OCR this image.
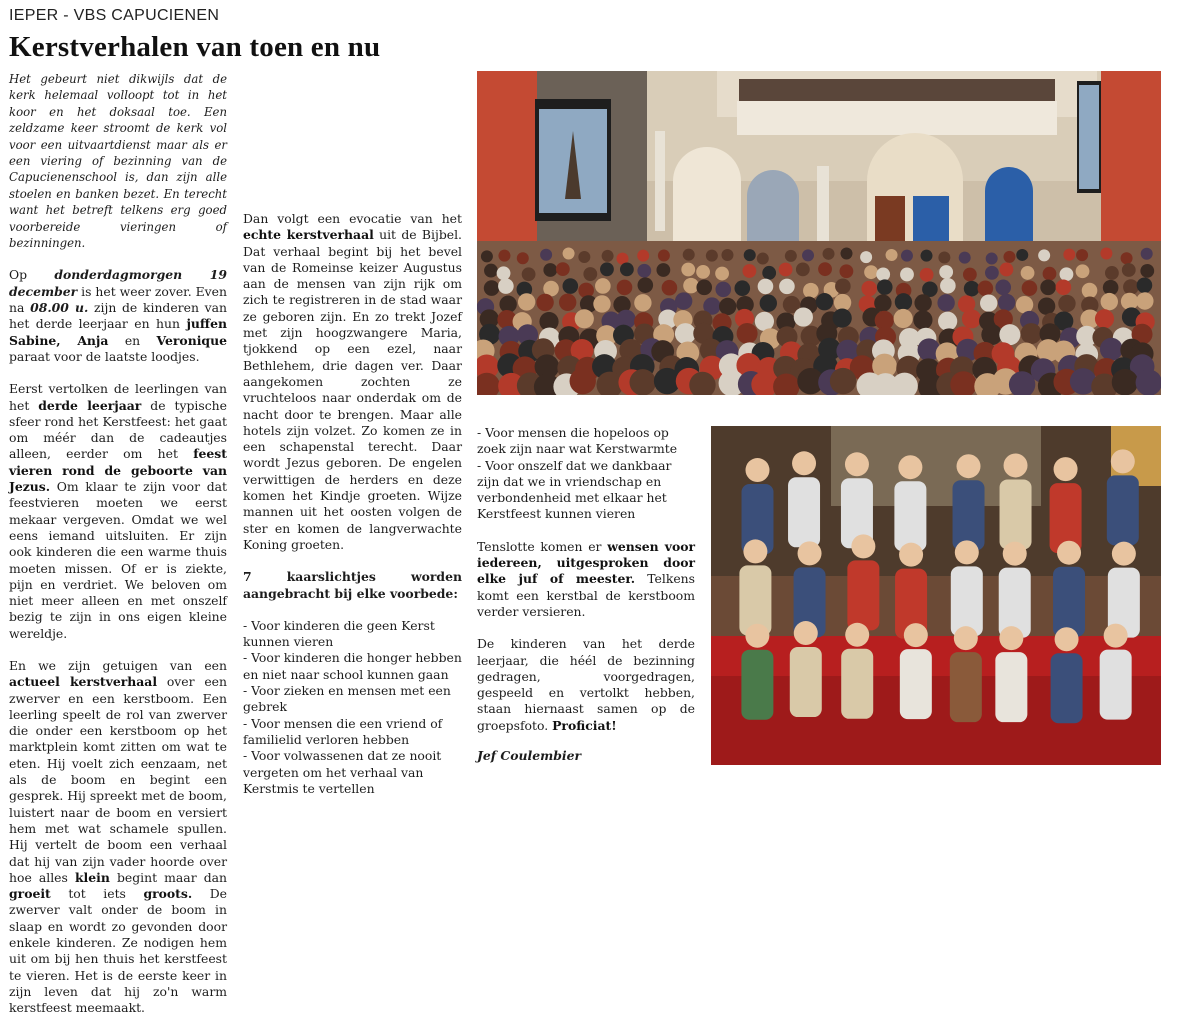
IEPER - VBS CAPUCIENEN
Kerstverhalen van toen en nu

Het gebeurt niet dikwijls dat de kerk helemaal volloopt tot in het koor en het doksaal toe. Een zeldzame keer stroomt de kerk vol voor een uitvaartdienst maar als er een viering of bezinning van de Capucienenschool is, dan zijn alle stoelen en banken bezet. En terecht want het betreft telkens erg goed voorbereide vieringen of bezinningen.

Op donderdagmorgen 19 december is het weer zover. Even na 08.00 u. zijn de kinderen van het derde leerjaar en hun juffen Sabine, Anja en Veronique paraat voor de laatste loodjes.

Eerst vertolken de leerlingen van het derde leerjaar de typische sfeer rond het Kerstfeest: het gaat om méér dan de cadeautjes alleen, eerder om het feest vieren rond de geboorte van Jezus. Om klaar te zijn voor dat feestvieren moeten we eerst mekaar vergeven. Omdat we wel eens iemand uitsluiten. Er zijn ook kinderen die een warme thuis moeten missen. Of er is ziekte, pijn en verdriet. We beloven om niet meer alleen en met onszelf bezig te zijn in ons eigen kleine wereldje.

En we zijn getuigen van een actueel kerstverhaal over een zwerver en een kerstboom. Een leerling speelt de rol van zwerver die onder een kerstboom op het marktplein komt zitten om wat te eten. Hij voelt zich eenzaam, net als de boom en begint een gesprek. Hij spreekt met de boom, luistert naar de boom en versiert hem met wat schamele spullen. Hij vertelt de boom een verhaal dat hij van zijn vader hoorde over hoe alles klein begint maar dan groeit tot iets groots. De zwerver valt onder de boom in slaap en wordt zo gevonden door enkele kinderen. Ze nodigen hem uit om bij hen thuis het kerstfeest te vieren. Het is de eerste keer in zijn leven dat hij zo'n warm kerstfeest meemaakt.

Dan volgt een evocatie van het echte kerstverhaal uit de Bijbel. Dat verhaal begint bij het bevel van de Romeinse keizer Augustus aan de mensen van zijn rijk om zich te registreren in de stad waar ze geboren zijn. En zo trekt Jozef met zijn hoogzwangere Maria, tjokkend op een ezel, naar Bethlehem, drie dagen ver. Daar aangekomen zochten ze vruchteloos naar onderdak om de nacht door te brengen. Maar alle hotels zijn volzet. Zo komen ze in een schapenstal terecht. Daar wordt Jezus geboren. De engelen verwittigen de herders en deze komen het Kindje groeten. Wijze mannen uit het oosten volgen de ster en komen de langverwachte Koning groeten.

7 kaarslichtjes worden aangebracht bij elke voorbede:

- Voor kinderen die geen Kerst kunnen vieren
- Voor kinderen die honger hebben en niet naar school kunnen gaan
- Voor zieken en mensen met een gebrek
- Voor mensen die een vriend of familielid verloren hebben
- Voor volwassenen dat ze nooit vergeten om het verhaal van Kerstmis te vertellen
- Voor mensen die hopeloos op zoek zijn naar wat Kerstwarmte
- Voor onszelf dat we dankbaar zijn dat we in vriendschap en verbondenheid met elkaar het Kerstfeest kunnen vieren

Tenslotte komen er wensen voor iedereen, uitgesproken door elke juf of meester. Telkens komt een kerstbal de kerstboom verder versieren.

De kinderen van het derde leerjaar, die héél de bezinning gedragen, voorgedragen, gespeeld en vertolkt hebben, staan hiernaast samen op de groepsfoto. Proficiat!

Jef Coulembier
